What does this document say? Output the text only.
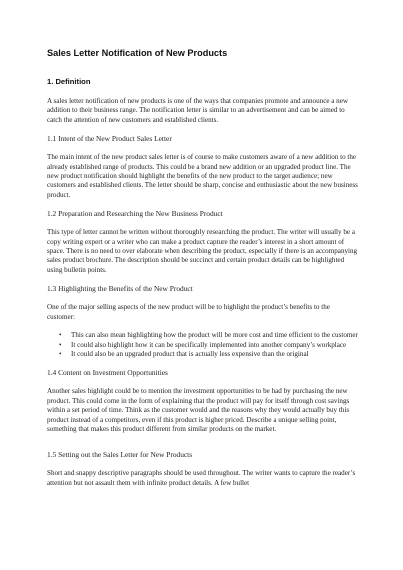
Sales Letter Notification of New Products
1. Definition

A sales letter notification of new products is one of the ways that companies promote and announce a new addition to their business range. The notification letter is similar to an advertisement and can be aimed to catch the attention of new customers and established clients.

1.1 Intent of the New Product Sales Letter

The main intent of the new product sales letter is of course to make customers aware of a new addition to the already established range of products. This could be a brand new addition or an upgraded product line. The new product notification should highlight the benefits of the new product to the target audience; new customers and established clients. The letter should be sharp, concise and enthusiastic about the new business product.

1.2 Preparation and Researching the New Business Product

This type of letter cannot be written without thoroughly researching the product. The writer will usually be a copy writing expert or a writer who can make a product capture the reader’s interest in a short amount of space. There is no need to over elaborate when describing the product, especially if there is an accompanying sales product brochure. The description should be succinct and certain product details can be highlighted using bulletin points.

1.3 Highlighting the Benefits of the New Product

One of the major selling aspects of the new product will be to highlight the product’s benefits to the customer:

• This can also mean highlighting how the product will be more cost and time efficient to the customer
• It could also highlight how it can be specifically implemented into another company’s workplace
• It could also be an upgraded product that is actually less expensive than the original
1.4 Content on Investment Opportunities

Another sales highlight could be to mention the investment opportunities to be had by purchasing the new product. This could come in the form of explaining that the product will pay for itself through cost savings within a set period of time. Think as the customer would and the reasons why they would actually buy this product instead of a competitors, even if this product is higher priced. Describe a unique selling point, something that makes this product different from similar products on the market.

1.5 Setting out the Sales Letter for New Products

Short and snappy descriptive paragraphs should be used throughout. The writer wants to capture the reader’s attention but not assault them with infinite product details. A few bullet
